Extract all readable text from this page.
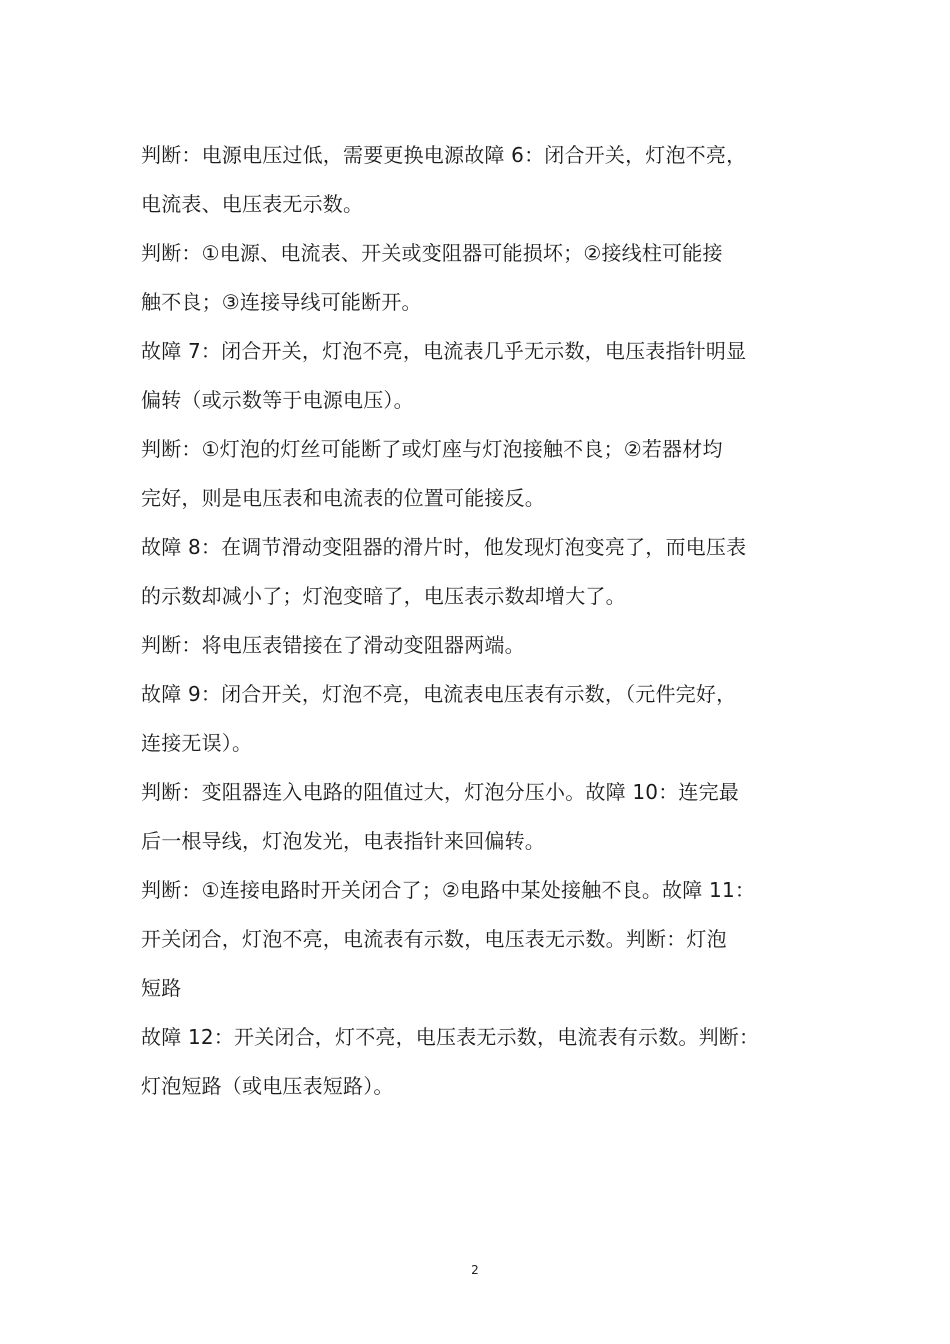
判断：电源电压过低，需要更换电源故障 6：闭合开关，灯泡不亮，
电流表、电压表无示数。
判断：①电源、电流表、开关或变阻器可能损坏；②接线柱可能接
触不良；③连接导线可能断开。
故障 7：闭合开关，灯泡不亮，电流表几乎无示数，电压表指针明显
偏转（或示数等于电源电压）。
判断：①灯泡的灯丝可能断了或灯座与灯泡接触不良；②若器材均
完好，则是电压表和电流表的位置可能接反。
故障 8：在调节滑动变阻器的滑片时，他发现灯泡变亮了，而电压表
的示数却减小了；灯泡变暗了，电压表示数却增大了。
判断：将电压表错接在了滑动变阻器两端。
故障 9：闭合开关，灯泡不亮，电流表电压表有示数，（元件完好，
连接无误）。
判断：变阻器连入电路的阻值过大，灯泡分压小。故障 10：连完最
后一根导线，灯泡发光，电表指针来回偏转。
判断：①连接电路时开关闭合了；②电路中某处接触不良。故障 11：
开关闭合，灯泡不亮，电流表有示数，电压表无示数。判断：灯泡
短路
故障 12：开关闭合，灯不亮，电压表无示数，电流表有示数。判断：
灯泡短路（或电压表短路）。
2
